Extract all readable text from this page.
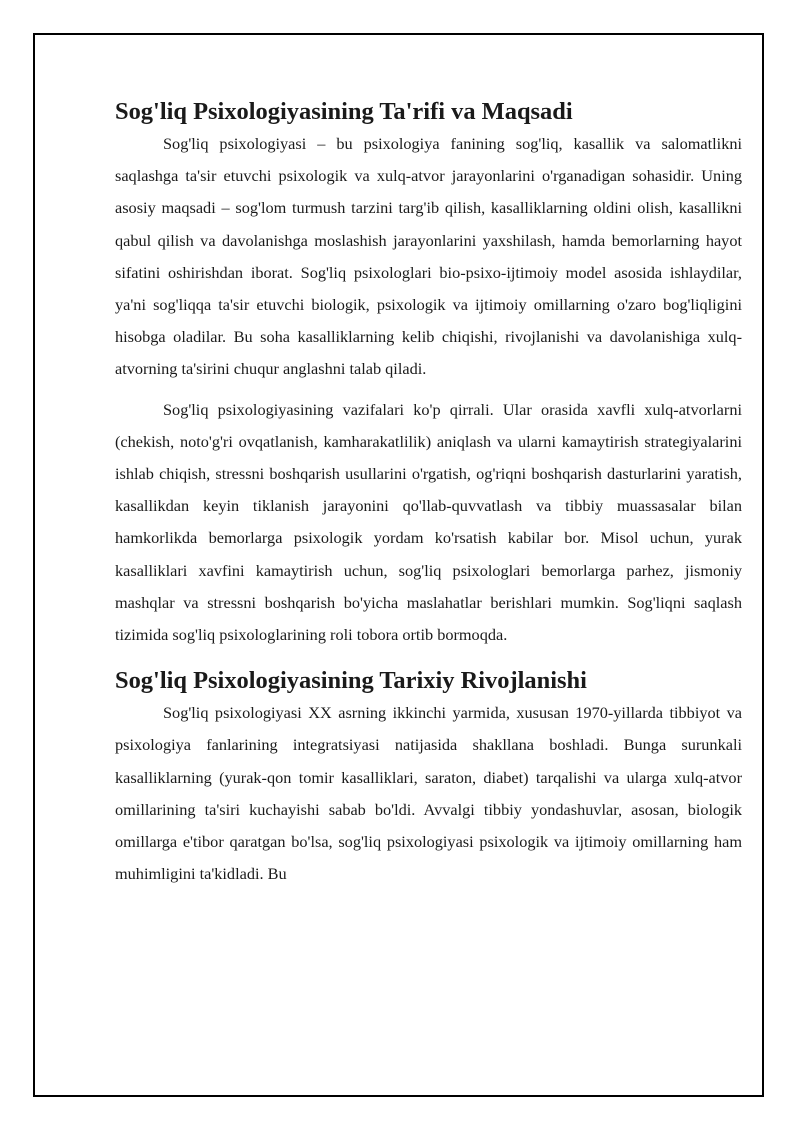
Sog'liq Psixologiyasining Ta'rifi va Maqsadi

Sog'liq psixologiyasi – bu psixologiya fanining sog'liq, kasallik va salomatlikni saqlashga ta'sir etuvchi psixologik va xulq-atvor jarayonlarini o'rganadigan sohasidir. Uning asosiy maqsadi – sog'lom turmush tarzini targ'ib qilish, kasalliklarning oldini olish, kasallikni qabul qilish va davolanishga moslashish jarayonlarini yaxshilash, hamda bemorlarning hayot sifatini oshirishdan iborat. Sog'liq psixologlari bio-psixo-ijtimoiy model asosida ishlaydilar, ya'ni sog'liqqa ta'sir etuvchi biologik, psixologik va ijtimoiy omillarning o'zaro bog'liqligini hisobga oladilar. Bu soha kasalliklarning kelib chiqishi, rivojlanishi va davolanishiga xulq-atvorning ta'sirini chuqur anglashni talab qiladi.

Sog'liq psixologiyasining vazifalari ko'p qirrali. Ular orasida xavfli xulq-atvorlarni (chekish, noto'g'ri ovqatlanish, kamharakatlilik) aniqlash va ularni kamaytirish strategiyalarini ishlab chiqish, stressni boshqarish usullarini o'rgatish, og'riqni boshqarish dasturlarini yaratish, kasallikdan keyin tiklanish jarayonini qo'llab-quvvatlash va tibbiy muassasalar bilan hamkorlikda bemorlarga psixologik yordam ko'rsatish kabilar bor. Misol uchun, yurak kasalliklari xavfini kamaytirish uchun, sog'liq psixologlari bemorlarga parhez, jismoniy mashqlar va stressni boshqarish bo'yicha maslahatlar berishlari mumkin. Sog'liqni saqlash tizimida sog'liq psixologlarining roli tobora ortib bormoqda.

Sog'liq Psixologiyasining Tarixiy Rivojlanishi

Sog'liq psixologiyasi XX asrning ikkinchi yarmida, xususan 1970-yillarda tibbiyot va psixologiya fanlarining integratsiyasi natijasida shakllana boshladi. Bunga surunkali kasalliklarning (yurak-qon tomir kasalliklari, saraton, diabet) tarqalishi va ularga xulq-atvor omillarining ta'siri kuchayishi sabab bo'ldi. Avvalgi tibbiy yondashuvlar, asosan, biologik omillarga e'tibor qaratgan bo'lsa, sog'liq psixologiyasi psixologik va ijtimoiy omillarning ham muhimligini ta'kidladi. Bu
